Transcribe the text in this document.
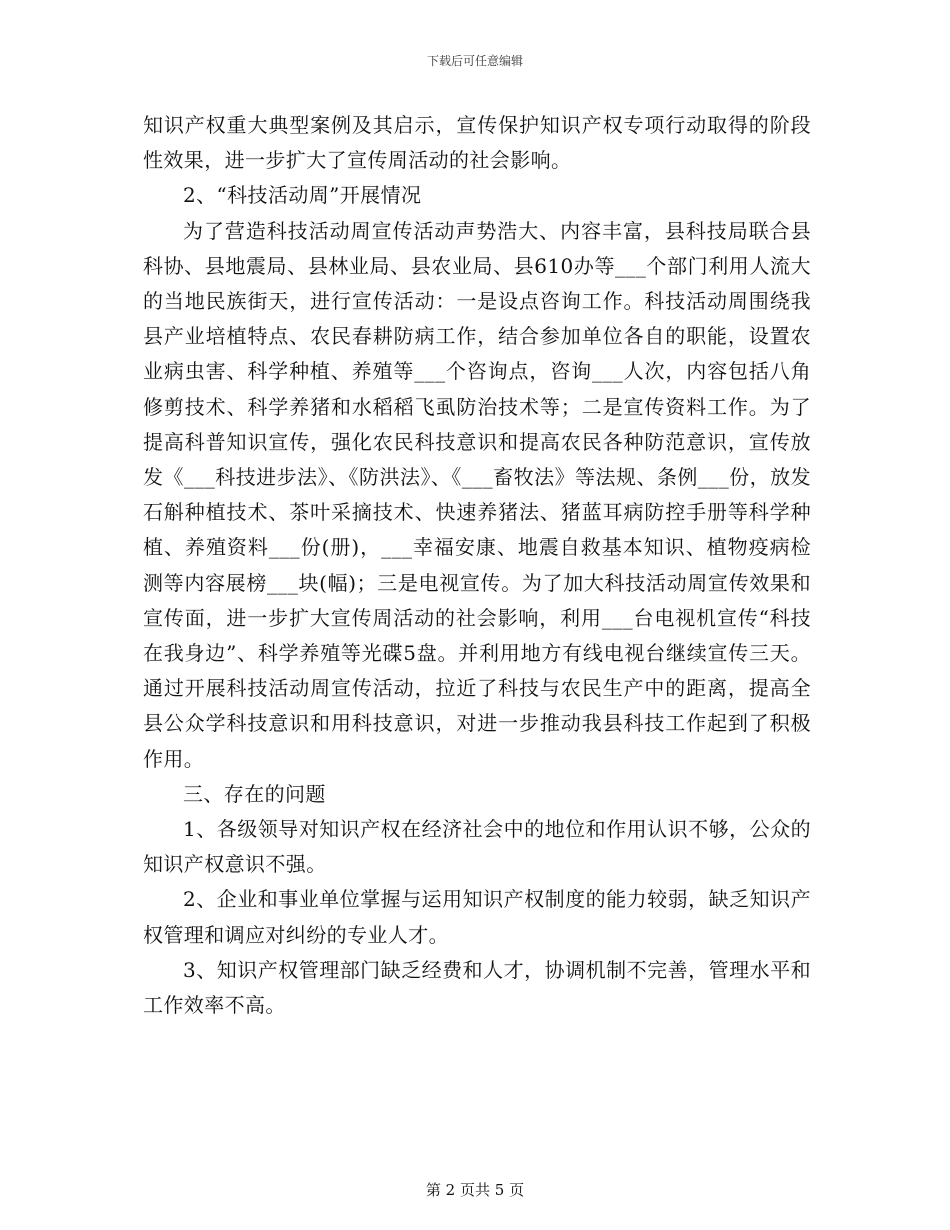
下载后可任意编辑

知识产权重大典型案例及其启示，宣传保护知识产权专项行动取得的阶段性效果，进一步扩大了宣传周活动的社会影响。

2、“科技活动周”开展情况

为了营造科技活动周宣传活动声势浩大、内容丰富，县科技局联合县科协、县地震局、县林业局、县农业局、县610办等___个部门利用人流大的当地民族街天，进行宣传活动：一是设点咨询工作。科技活动周围绕我县产业培植特点、农民春耕防病工作，结合参加单位各自的职能，设置农业病虫害、科学种植、养殖等___个咨询点，咨询___人次，内容包括八角修剪技术、科学养猪和水稻稻飞虱防治技术等；二是宣传资料工作。为了提高科普知识宣传，强化农民科技意识和提高农民各种防范意识，宣传放发《___科技进步法》、《防洪法》、《___畜牧法》等法规、条例___份，放发石斛种植技术、茶叶采摘技术、快速养猪法、猪蓝耳病防控手册等科学种植、养殖资料___份(册)，___幸福安康、地震自救基本知识、植物疫病检测等内容展榜___块(幅)；三是电视宣传。为了加大科技活动周宣传效果和宣传面，进一步扩大宣传周活动的社会影响，利用___台电视机宣传“科技在我身边”、科学养殖等光碟5盘。并利用地方有线电视台继续宣传三天。通过开展科技活动周宣传活动，拉近了科技与农民生产中的距离，提高全县公众学科技意识和用科技意识，对进一步推动我县科技工作起到了积极作用。

三、存在的问题

1、各级领导对知识产权在经济社会中的地位和作用认识不够，公众的知识产权意识不强。

2、企业和事业单位掌握与运用知识产权制度的能力较弱，缺乏知识产权管理和调应对纠纷的专业人才。

3、知识产权管理部门缺乏经费和人才，协调机制不完善，管理水平和工作效率不高。

第 2 页共 5 页
